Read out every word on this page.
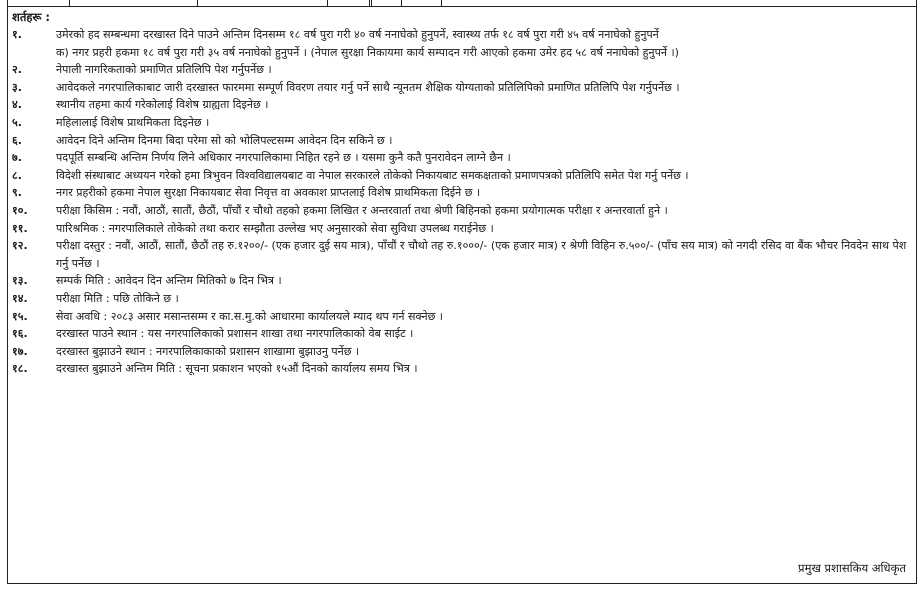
शर्तहरू :
१.	उमेरको हद सम्बन्धमा दरखास्त दिने पाउने अन्तिम दिनसम्म १८ वर्ष पुरा गरी ४० वर्ष ननाघेको हुनुपर्ने, स्वास्थ्य तर्फ १८ वर्ष पुरा गरी ४५ वर्ष ननाघेको हुनुपर्ने
क) नगर प्रहरी हकमा १८ वर्ष पुरा गरी ३५ वर्ष ननाघेको हुनुपर्ने । (नेपाल सुरक्षा निकायमा कार्य सम्पादन गरी आएको हकमा उमेर हद ५८ वर्ष ननाघेको हुनुपर्ने ।)
२.	नेपाली नागरिकताको प्रमाणित प्रतिलिपि पेश गर्नुपर्नेछ ।
३.	आवेदकले नगरपालिकाबाट जारी दरखास्त फारममा सम्पूर्ण विवरण तयार गर्नु पर्ने साथै न्यूनतम शैक्षिक योग्यताको प्रतिलिपिको प्रमाणित प्रतिलिपि पेश गर्नुपर्नेछ ।
४.	स्थानीय तहमा कार्य गरेकोलाई विशेष ग्राह्यता दिइनेछ ।
५.	महिलालाई विशेष प्राथमिकता दिइनेछ ।
६.	आवेदन दिने अन्तिम दिनमा बिदा परेमा सो को भोलिपल्टसम्म आवेदन दिन सकिने छ ।
७.	पदपूर्ति सम्बन्धि अन्तिम निर्णय लिने अधिकार नगरपालिकामा निहित रहने छ । यसमा कुनै कतै पुनरावेदन लाग्ने छैन ।
८.	विदेशी संस्थाबाट अध्ययन गरेको हमा त्रिभुवन विश्वविद्यालयबाट वा नेपाल सरकारले तोकेको निकायबाट समकक्षताको प्रमाणपत्रको प्रतिलिपि समेत पेश गर्नु पर्नेछ ।
९.	नगर प्रहरीको हकमा नेपाल सुरक्षा निकायबाट सेवा निवृत्त वा अवकाश प्राप्तलाई विशेष प्राथमिकता दिईने छ ।
१०.	परीक्षा किसिम : नवौं, आठौं, सातौं, छैठौं, पाँचौं र चौथो तहको हकमा लिखित र अन्तरवार्ता तथा श्रेणी बिहिनको हकमा प्रयोगात्मक परीक्षा र अन्तरवार्ता हुने ।
११.	पारिश्रमिक : नगरपालिकाले तोकेको तथा करार सम्झौता उल्लेख भए अनुसारको सेवा सुविधा उपलब्ध गराईनेछ ।
१२.	परीक्षा दस्तुर : नवौं, आठौं, सातौं, छैठौं तह रु.१२००/- (एक हजार दुई सय मात्र), पाँचौं र चौथो तह रु.१०००/- (एक हजार मात्र) र श्रेणी विहिन रु.५००/- (पाँच सय मात्र) को नगदी रसिद वा बैंक भौचर निवदेन साथ पेश गर्नु पर्नेछ ।
१३.	सम्पर्क मिति : आवेदन दिन अन्तिम मितिको ७ दिन भित्र ।
१४.	परीक्षा मिति : पछि तोकिने छ ।
१५.	सेवा अवधि : २०८३ असार मसान्तसम्म र का.स.मु.को आधारमा कार्यालयले म्याद थप गर्न सक्नेछ ।
१६.	दरखास्त पाउने स्थान : यस नगरपालिकाको प्रशासन शाखा तथा नगरपालिकाको वेब साईट ।
१७.	दरखास्त बुझाउने स्थान : नगरपालिकाकाको प्रशासन शाखामा बुझाउनु पर्नेछ ।
१८.	दरखास्त बुझाउने अन्तिम मिति : सूचना प्रकाशन भएको १५औं दिनको कार्यालय समय भित्र ।
प्रमुख प्रशासकिय अधिकृत
